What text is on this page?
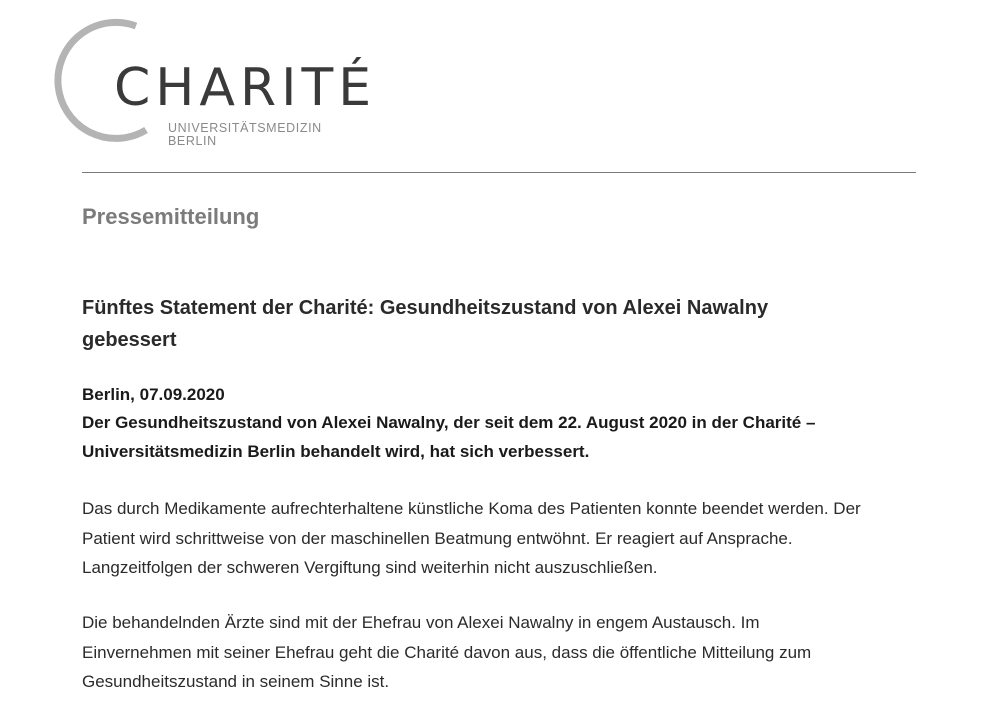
CHARITÉ
UNIVERSITÄTSMEDIZIN BERLIN
Pressemitteilung
Fünftes Statement der Charité: Gesundheitszustand von Alexei Nawalny
gebessert
Berlin, 07.09.2020
Der Gesundheitszustand von Alexei Nawalny, der seit dem 22. August 2020 in der Charité –
Universitätsmedizin Berlin behandelt wird, hat sich verbessert.
Das durch Medikamente aufrechterhaltene künstliche Koma des Patienten konnte beendet werden. Der
Patient wird schrittweise von der maschinellen Beatmung entwöhnt. Er reagiert auf Ansprache.
Langzeitfolgen der schweren Vergiftung sind weiterhin nicht auszuschließen.
Die behandelnden Ärzte sind mit der Ehefrau von Alexei Nawalny in engem Austausch. Im
Einvernehmen mit seiner Ehefrau geht die Charité davon aus, dass die öffentliche Mitteilung zum
Gesundheitszustand in seinem Sinne ist.
